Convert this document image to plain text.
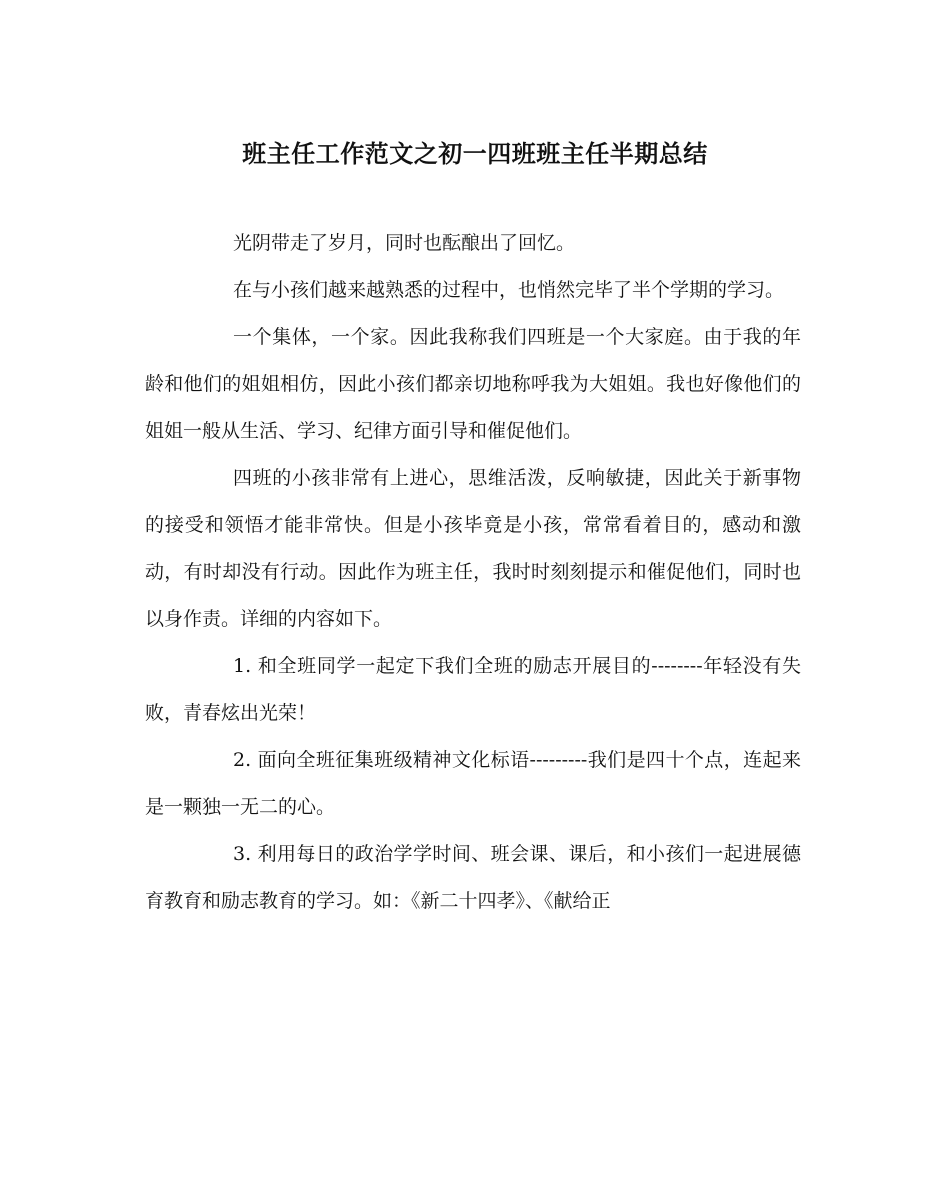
班主任工作范文之初一四班班主任半期总结

光阴带走了岁月，同时也酝酿出了回忆。

在与小孩们越来越熟悉的过程中，也悄然完毕了半个学期的学习。

一个集体，一个家。因此我称我们四班是一个大家庭。由于我的年龄和他们的姐姐相仿，因此小孩们都亲切地称呼我为大姐姐。我也好像他们的姐姐一般从生活、学习、纪律方面引导和催促他们。

四班的小孩非常有上进心，思维活泼，反响敏捷，因此关于新事物的接受和领悟才能非常快。但是小孩毕竟是小孩，常常看着目的，感动和激动，有时却没有行动。因此作为班主任，我时时刻刻提示和催促他们，同时也以身作责。详细的内容如下。

1. 和全班同学一起定下我们全班的励志开展目的--------年轻没有失败，青春炫出光荣！

2. 面向全班征集班级精神文化标语---------我们是四十个点，连起来是一颗独一无二的心。

3. 利用每日的政治学学时间、班会课、课后，和小孩们一起进展德育教育和励志教育的学习。如：《新二十四孝》、《献给正
